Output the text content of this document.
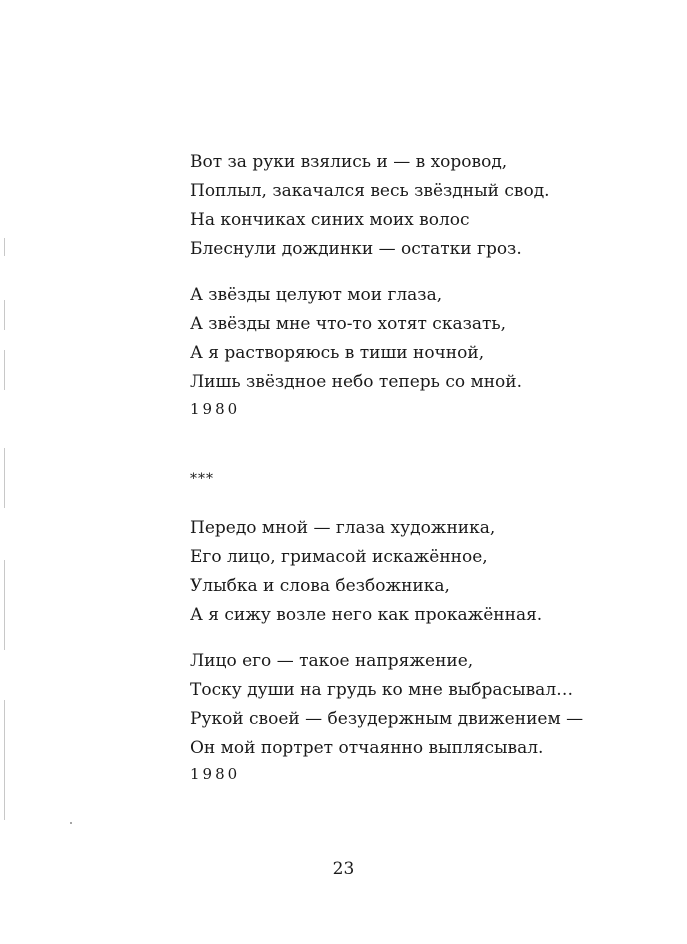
Вот за руки взялись и — в хоровод,
Поплыл, закачался весь звёздный свод.
На кончиках синих моих волос
Блеснули дождинки — остатки гроз.
А звёзды целуют мои глаза,
А звёзды мне что-то хотят сказать,
А я растворяюсь в тиши ночной,
Лишь звёздное небо теперь со мной.
1980
***
Передо мной — глаза художника,
Его лицо, гримасой искажённое,
Улыбка и слова безбожника,
А я сижу возле него как прокажённая.
Лицо его — такое напряжение,
Тоску души на грудь ко мне выбрасывал…
Рукой своей — безудержным движением —
Он мой портрет отчаянно выплясывал.
1980
23
